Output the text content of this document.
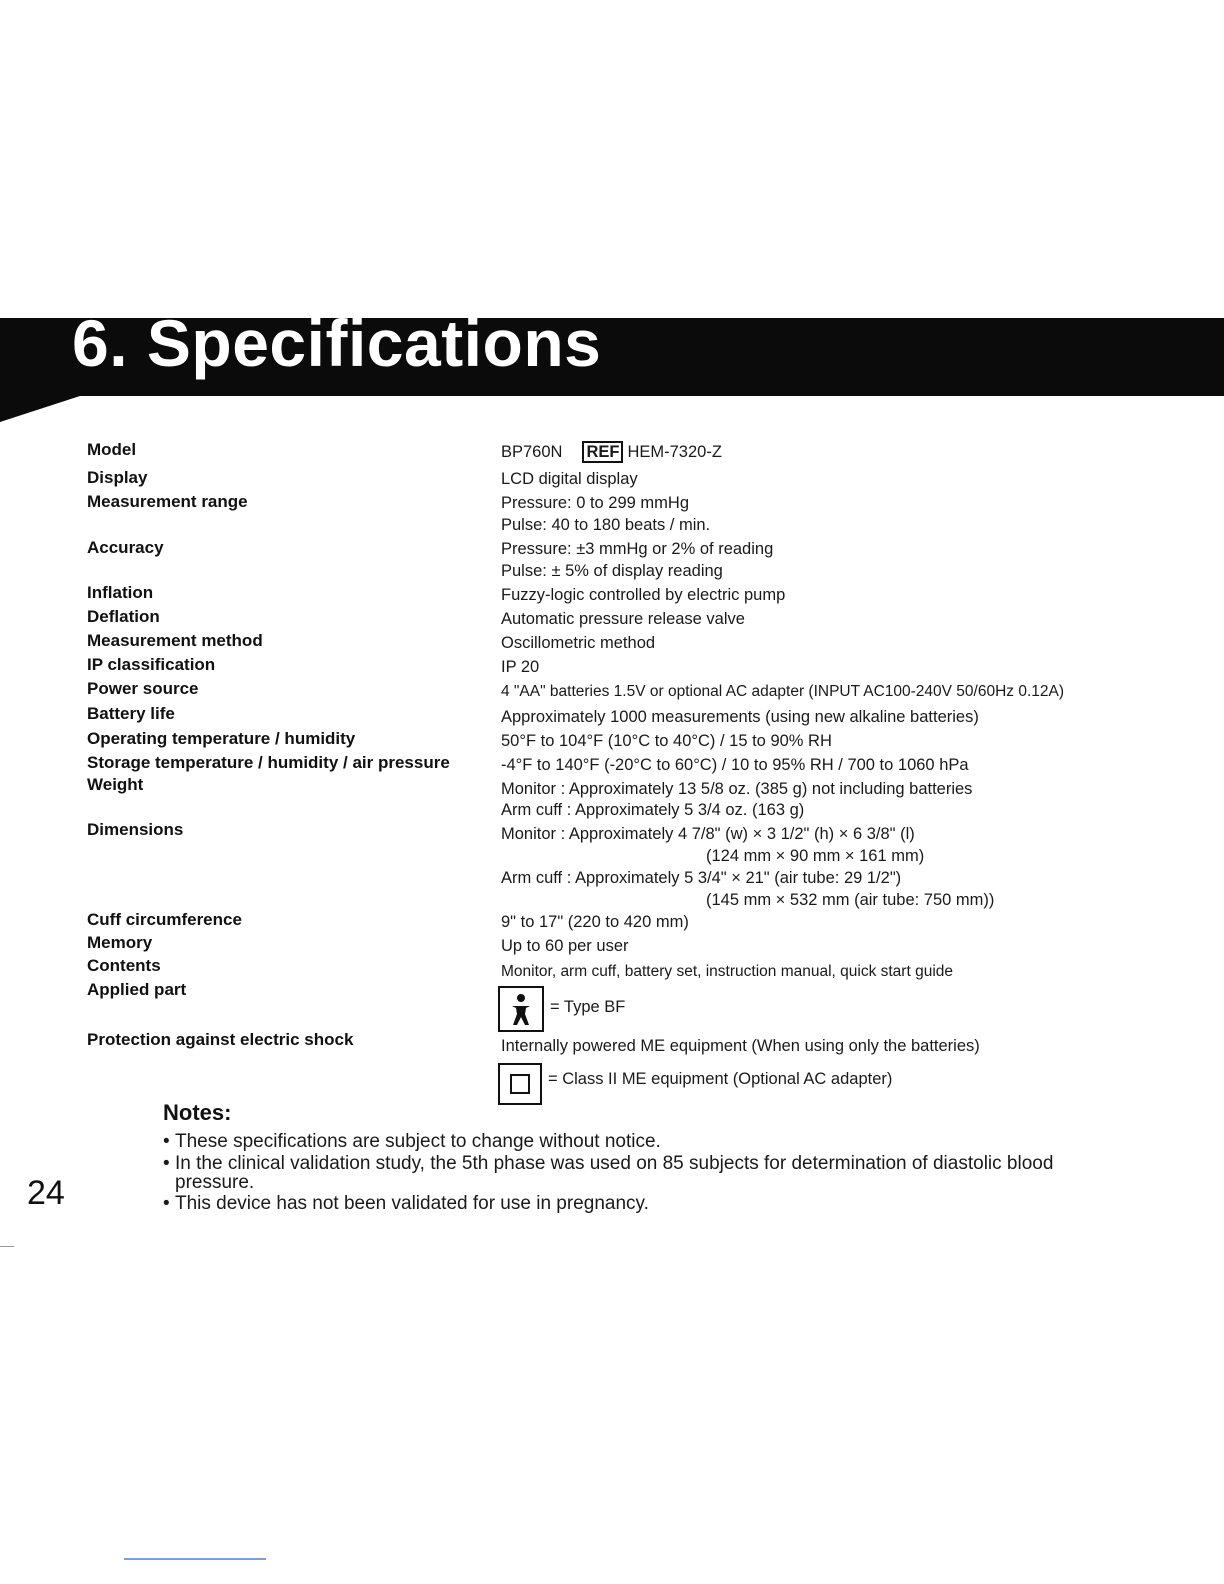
6. Specifications
Model
Display
Measurement range
Accuracy
Inflation
Deflation
Measurement method
IP classification
Power source
Battery life
Operating temperature / humidity
Storage temperature / humidity / air pressure
Weight
Dimensions
Cuff circumference
Memory
Contents
Applied part
Protection against electric shock
BP760N REF HEM-7320-Z
LCD digital display
Pressure: 0 to 299 mmHg
Pulse: 40 to 180 beats / min.
Pressure: ±3 mmHg or 2% of reading
Pulse: ± 5% of display reading
Fuzzy-logic controlled by electric pump
Automatic pressure release valve
Oscillometric method
IP 20
4 "AA" batteries 1.5V or optional AC adapter (INPUT AC100-240V 50/60Hz 0.12A)
Approximately 1000 measurements (using new alkaline batteries)
50°F to 104°F (10°C to 40°C) / 15 to 90% RH
-4°F to 140°F (-20°C to 60°C) / 10 to 95% RH / 700 to 1060 hPa
Monitor : Approximately 13 5/8 oz. (385 g) not including batteries
Arm cuff : Approximately 5 3/4 oz. (163 g)
Monitor : Approximately 4 7/8" (w) × 3 1/2" (h) × 6 3/8" (l)
(124 mm × 90 mm × 161 mm)
Arm cuff : Approximately 5 3/4" × 21" (air tube: 29 1/2")
(145 mm × 532 mm (air tube: 750 mm))
9" to 17" (220 to 420 mm)
Up to 60 per user
Monitor, arm cuff, battery set, instruction manual, quick start guide
= Type BF
Internally powered ME equipment (When using only the batteries)
= Class II ME equipment (Optional AC adapter)
Notes:
• These specifications are subject to change without notice.
• In the clinical validation study, the 5th phase was used on 85 subjects for determination of diastolic blood
pressure.
• This device has not been validated for use in pregnancy.
24
